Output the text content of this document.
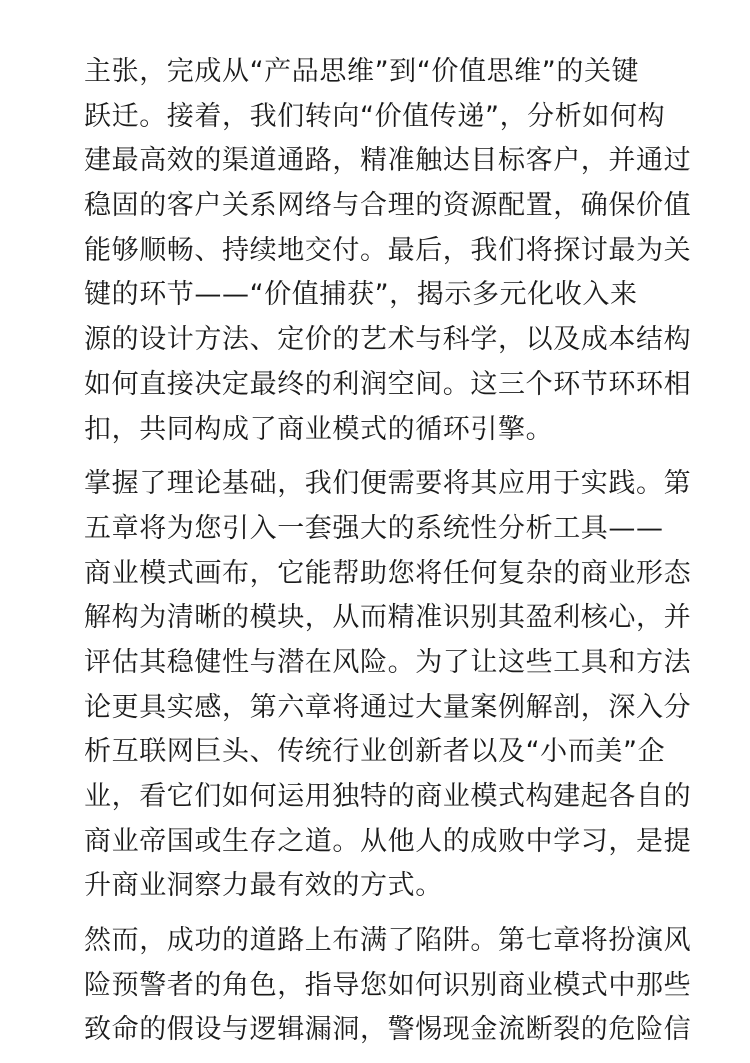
主张，完成从“产品思维”到“价值思维”的关键
跃迁。接着，我们转向“价值传递”，分析如何构
建最高效的渠道通路，精准触达目标客户，并通过
稳固的客户关系网络与合理的资源配置，确保价值
能够顺畅、持续地交付。最后，我们将探讨最为关
键的环节——“价值捕获”，揭示多元化收入来
源的设计方法、定价的艺术与科学，以及成本结构
如何直接决定最终的利润空间。这三个环节环环相
扣，共同构成了商业模式的循环引擎。
掌握了理论基础，我们便需要将其应用于实践。第
五章将为您引入一套强大的系统性分析工具——
商业模式画布，它能帮助您将任何复杂的商业形态
解构为清晰的模块，从而精准识别其盈利核心，并
评估其稳健性与潜在风险。为了让这些工具和方法
论更具实感，第六章将通过大量案例解剖，深入分
析互联网巨头、传统行业创新者以及“小而美”企
业，看它们如何运用独特的商业模式构建起各自的
商业帝国或生存之道。从他人的成败中学习，是提
升商业洞察力最有效的方式。
然而，成功的道路上布满了陷阱。第七章将扮演风
险预警者的角色，指导您如何识别商业模式中那些
致命的假设与逻辑漏洞，警惕现金流断裂的危险信
